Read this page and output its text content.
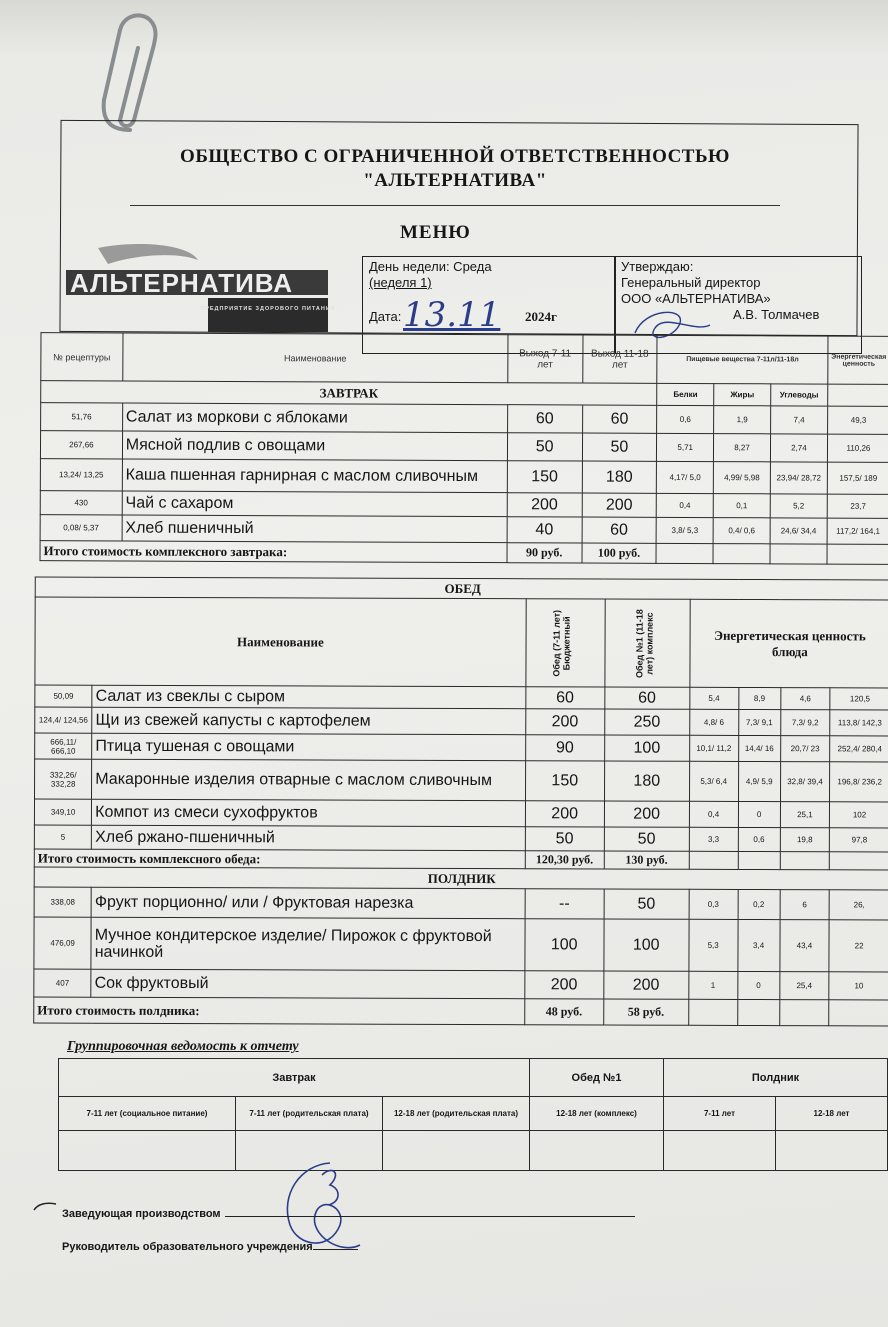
ОБЩЕСТВО С ОГРАНИЧЕННОЙ ОТВЕТСТВЕННОСТЬЮ
"АЛЬТЕРНАТИВА"
МЕНЮ
АЛЬТЕРНАТИВА
ПРЕДПРИЯТИЕ ЗДОРОВОГО ПИТАНИЯ
День недели: Среда
(неделя 1)
Дата: 13.11 2024г
Утверждаю:
Генеральный директор
ООО «АЛЬТЕРНАТИВА»
А.В. Толмачев
№ рецептуры	Наименование	Выход 7-11 лет	Выход 11-18 лет	Пищевые вещества 7-11л/11-18л			Энергетическая ценность
ЗАВТРАК				Белки	Жиры	Углеводы	
51,76	Салат из моркови с яблоками	60	60	0,6	1,9	7,4	49,3
267,66	Мясной подлив с овощами	50	50	5,71	8,27	2,74	110,26
13,24/ 13,25	Каша пшенная гарнирная с маслом сливочным	150	180	4,17/ 5,0	4,99/ 5,98	23,94/ 28,72	157,5/ 189
430	Чай с сахаром	200	200	0,4	0,1	5,2	23,7
0,08/ 5,37	Хлеб пшеничный	40	60	3,8/ 5,3	0,4/ 0,6	24,6/ 34,4	117,2/ 164,1
Итого стоимость комплексного завтрака:		90 руб.	100 руб.				
ОБЕД							
Наименование		Обед (7-11 лет) Бюджетный	Обед №1 (11-18 лет) комплекс	Энергетическая ценность блюда			
50,09	Салат из свеклы с сыром	60	60	5,4	8,9	4,6	120,5
124,4/ 124,56	Щи из свежей капусты с картофелем	200	250	4,8/ 6	7,3/ 9,1	7,3/ 9,2	113,8/ 142,3
666,11/ 666,10	Птица тушеная с овощами	90	100	10,1/ 11,2	14,4/ 16	20,7/ 23	252,4/ 280,4
332,26/ 332,28	Макаронные изделия отварные с маслом сливочным	150	180	5,3/ 6,4	4,9/ 5,9	32,8/ 39,4	196,8/ 236,2
349,10	Компот из смеси сухофруктов	200	200	0,4	0	25,1	102
5	Хлеб ржано-пшеничный	50	50	3,3	0,6	19,8	97,8
Итого стоимость комплексного обеда:		120,30 руб.	130 руб.				
ПОЛДНИК							
338,08	Фрукт порционно/ или / Фруктовая нарезка	--	50	0,3	0,2	6	26,
476,09	Мучное кондитерское изделие/ Пирожок с фруктовой начинкой	100	100	5,3	3,4	43,4	22
407	Сок фруктовый	200	200	1	0	25,4	10
Итого стоимость полдника:		48 руб.	58 руб.				
Группировочная ведомость к отчету
Завтрак			Обед №1	Полдник	
7-11 лет (социальное питание)	7-11 лет (родительская плата)	12-18 лет (родительская плата)	12-18 лет (комплекс)	7-11 лет	12-18 лет

Заведующая производством
Руководитель образовательного учреждения
